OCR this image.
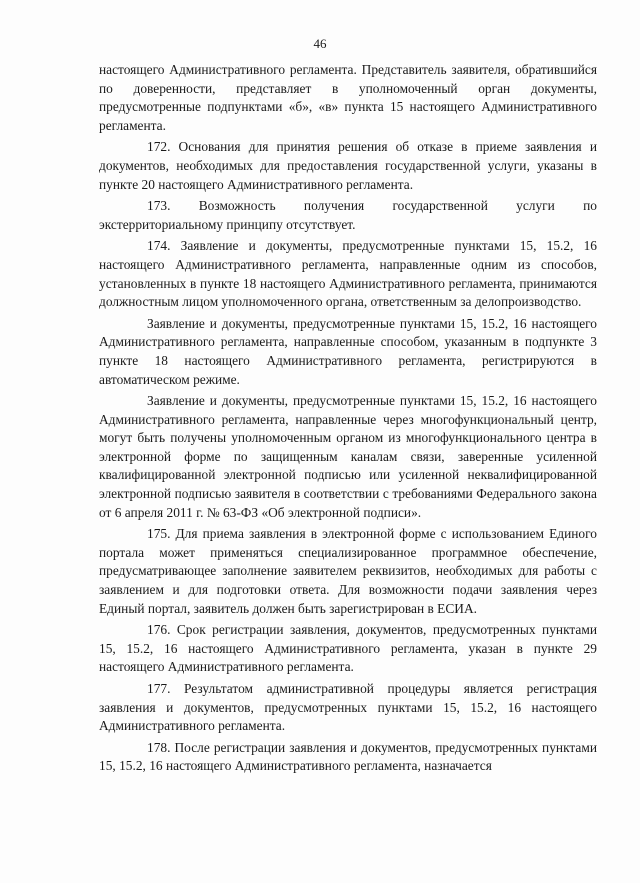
46

настоящего Административного регламента. Представитель заявителя, обратившийся по доверенности, представляет в уполномоченный орган документы, предусмотренные подпунктами «б», «в» пункта 15 настоящего Административного регламента.

172. Основания для принятия решения об отказе в приеме заявления и документов, необходимых для предоставления государственной услуги, указаны в пункте 20 настоящего Административного регламента.

173. Возможность получения государственной услуги по экстерриториальному принципу отсутствует.

174. Заявление и документы, предусмотренные пунктами 15, 15.2, 16 настоящего Административного регламента, направленные одним из способов, установленных в пункте 18 настоящего Административного регламента, принимаются должностным лицом уполномоченного органа, ответственным за делопроизводство.

Заявление и документы, предусмотренные пунктами 15, 15.2, 16 настоящего Административного регламента, направленные способом, указанным в подпункте 3 пункте 18 настоящего Административного регламента, регистрируются в автоматическом режиме.

Заявление и документы, предусмотренные пунктами 15, 15.2, 16 настоящего Административного регламента, направленные через многофункциональный центр, могут быть получены уполномоченным органом из многофункционального центра в электронной форме по защищенным каналам связи, заверенные усиленной квалифицированной электронной подписью или усиленной неквалифицированной электронной подписью заявителя в соответствии с требованиями Федерального закона от 6 апреля 2011 г. № 63-ФЗ «Об электронной подписи».

175. Для приема заявления в электронной форме с использованием Единого портала может применяться специализированное программное обеспечение, предусматривающее заполнение заявителем реквизитов, необходимых для работы с заявлением и для подготовки ответа. Для возможности подачи заявления через Единый портал, заявитель должен быть зарегистрирован в ЕСИА.

176. Срок регистрации заявления, документов, предусмотренных пунктами 15, 15.2, 16 настоящего Административного регламента, указан в пункте 29 настоящего Административного регламента.

177. Результатом административной процедуры является регистрация заявления и документов, предусмотренных пунктами 15, 15.2, 16 настоящего Административного регламента.

178. После регистрации заявления и документов, предусмотренных пунктами 15, 15.2, 16 настоящего Административного регламента, назначается
